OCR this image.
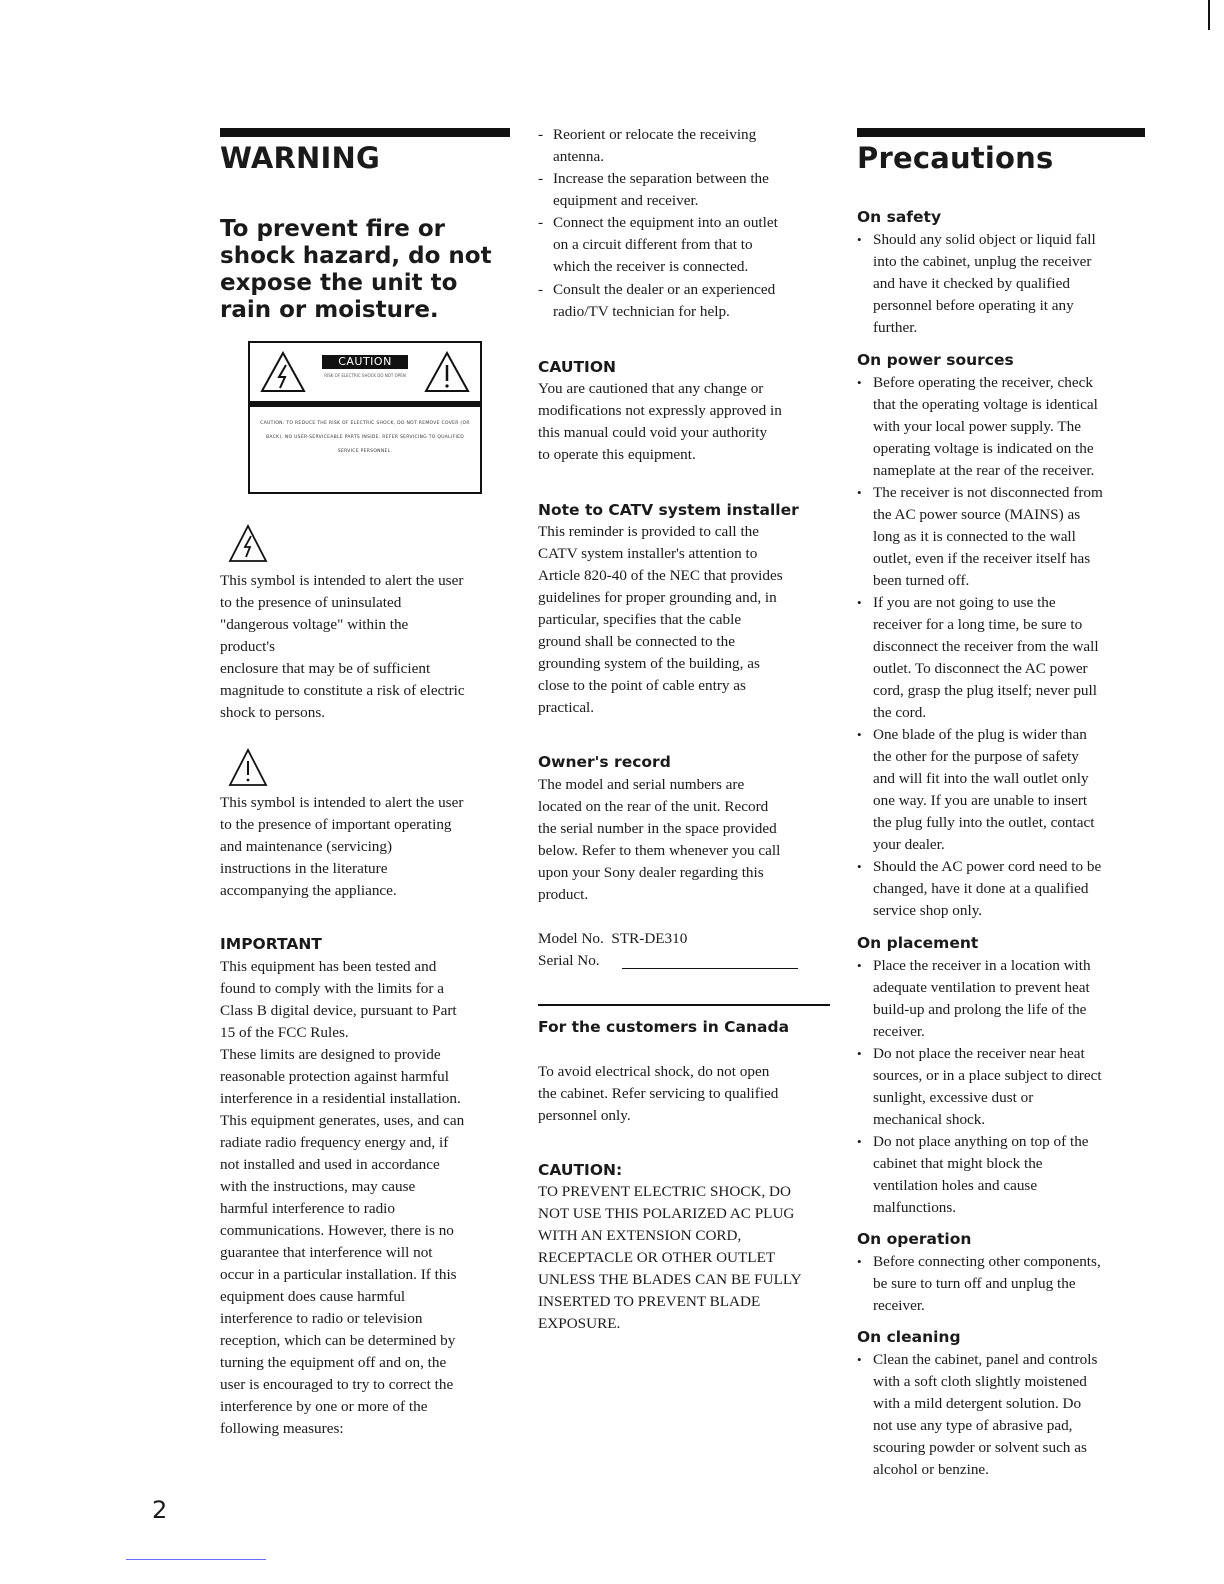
WARNING
To prevent fire or shock hazard, do not expose the unit to rain or moisture.
CAUTION
RISK OF ELECTRIC SHOCK DO NOT OPEN
CAUTION: TO REDUCE THE RISK OF ELECTRIC SHOCK, DO NOT REMOVE COVER (OR BACK). NO USER-SERVICEABLE PARTS INSIDE. REFER SERVICING TO QUALIFIED SERVICE PERSONNEL.
This symbol is intended to alert the user
to the presence of uninsulated
"dangerous voltage" within the
product's
enclosure that may be of sufficient
magnitude to constitute a risk of electric
shock to persons.
This symbol is intended to alert the user
to the presence of important operating
and maintenance (servicing)
instructions in the literature
accompanying the appliance.
IMPORTANT
This equipment has been tested and
found to comply with the limits for a
Class B digital device, pursuant to Part
15 of the FCC Rules.
These limits are designed to provide
reasonable protection against harmful
interference in a residential installation.
This equipment generates, uses, and can
radiate radio frequency energy and, if
not installed and used in accordance
with the instructions, may cause
harmful interference to radio
communications. However, there is no
guarantee that interference will not
occur in a particular installation. If this
equipment does cause harmful
interference to radio or television
reception, which can be determined by
turning the equipment off and on, the
user is encouraged to try to correct the
interference by one or more of the
following measures:
- Reorient or relocate the receiving
antenna.
- Increase the separation between the
equipment and receiver.
- Connect the equipment into an outlet
on a circuit different from that to
which the receiver is connected.
- Consult the dealer or an experienced
radio/TV technician for help.
CAUTION
You are cautioned that any change or
modifications not expressly approved in
this manual could void your authority
to operate this equipment.
Note to CATV system installer
This reminder is provided to call the
CATV system installer's attention to
Article 820-40 of the NEC that provides
guidelines for proper grounding and, in
particular, specifies that the cable
ground shall be connected to the
grounding system of the building, as
close to the point of cable entry as
practical.
Owner's record
The model and serial numbers are
located on the rear of the unit. Record
the serial number in the space provided
below. Refer to them whenever you call
upon your Sony dealer regarding this
product.
Model No.  STR-DE310
Serial No.
For the customers in Canada
To avoid electrical shock, do not open
the cabinet. Refer servicing to qualified
personnel only.
CAUTION:
TO PREVENT ELECTRIC SHOCK, DO
NOT USE THIS POLARIZED AC PLUG
WITH AN EXTENSION CORD,
RECEPTACLE OR OTHER OUTLET
UNLESS THE BLADES CAN BE FULLY
INSERTED TO PREVENT BLADE
EXPOSURE.
Precautions
On safety
• Should any solid object or liquid fall
into the cabinet, unplug the receiver
and have it checked by qualified
personnel before operating it any
further.
On power sources
• Before operating the receiver, check
that the operating voltage is identical
with your local power supply. The
operating voltage is indicated on the
nameplate at the rear of the receiver.
• The receiver is not disconnected from
the AC power source (MAINS) as
long as it is connected to the wall
outlet, even if the receiver itself has
been turned off.
• If you are not going to use the
receiver for a long time, be sure to
disconnect the receiver from the wall
outlet. To disconnect the AC power
cord, grasp the plug itself; never pull
the cord.
• One blade of the plug is wider than
the other for the purpose of safety
and will fit into the wall outlet only
one way. If you are unable to insert
the plug fully into the outlet, contact
your dealer.
• Should the AC power cord need to be
changed, have it done at a qualified
service shop only.
On placement
• Place the receiver in a location with
adequate ventilation to prevent heat
build-up and prolong the life of the
receiver.
• Do not place the receiver near heat
sources, or in a place subject to direct
sunlight, excessive dust or
mechanical shock.
• Do not place anything on top of the
cabinet that might block the
ventilation holes and cause
malfunctions.
On operation
• Before connecting other components,
be sure to turn off and unplug the
receiver.
On cleaning
• Clean the cabinet, panel and controls
with a soft cloth slightly moistened
with a mild detergent solution. Do
not use any type of abrasive pad,
scouring powder or solvent such as
alcohol or benzine.
2
